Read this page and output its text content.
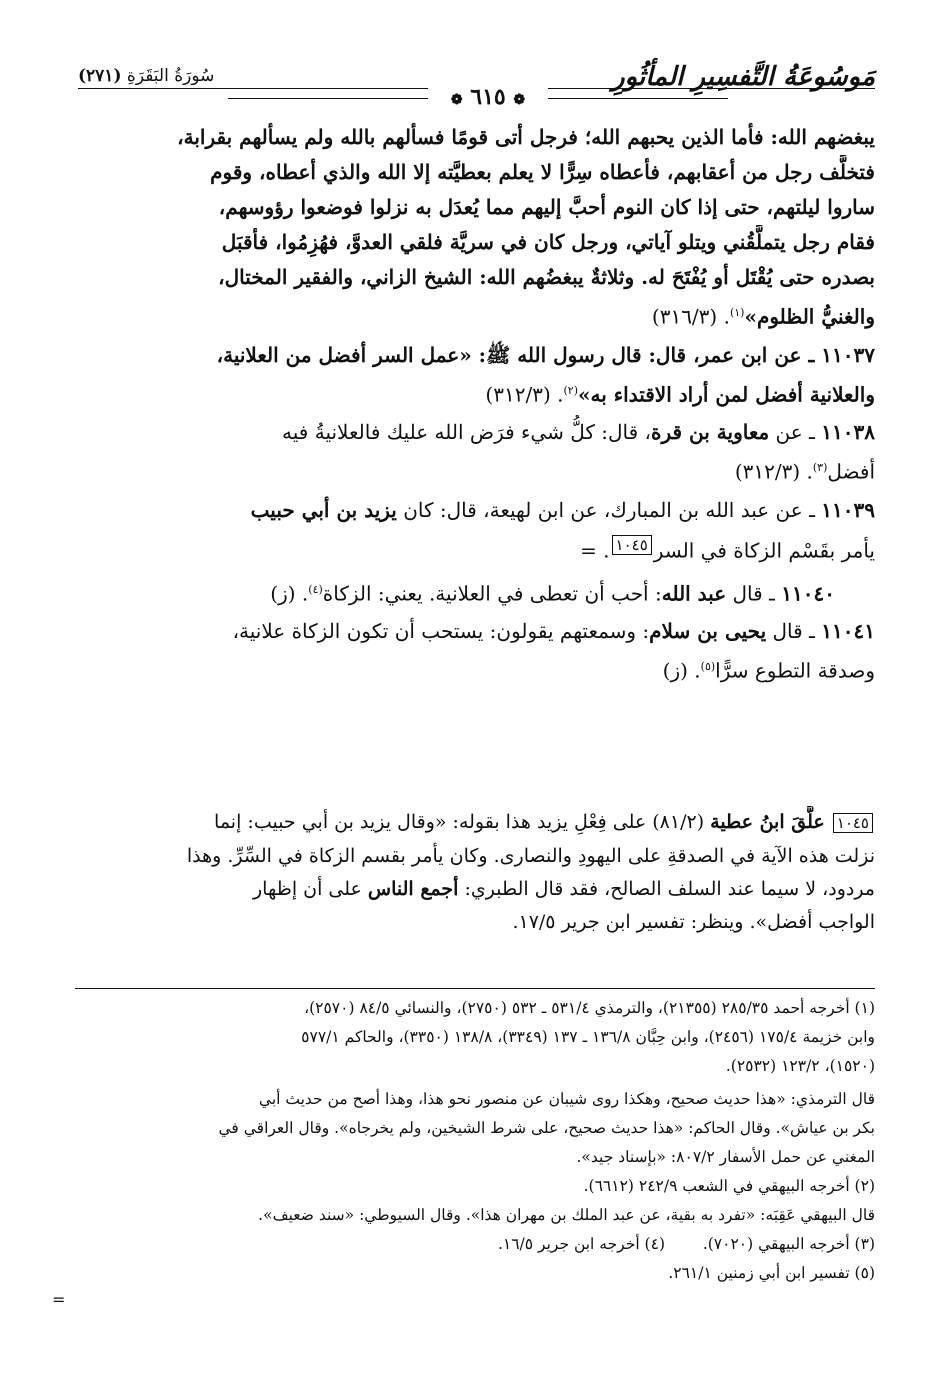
مَوسُوعَةُ التَّفسِيرِ المأثُورِ
❁ ٦١٥ ❁
سُورَةُ البَقَرَةِ (٢٧١)
يبغضهم الله: فأما الذين يحبهم الله؛ فرجل أتى قومًا فسألهم بالله ولم يسألهم بقرابة،
فتخلَّف رجل من أعقابهم، فأعطاه سِرًّا لا يعلم بعطيَّته إلا الله والذي أعطاه، وقوم
ساروا ليلتهم، حتى إذا كان النوم أحبَّ إليهم مما يُعدَل به نزلوا فوضعوا رؤوسهم،
فقام رجل يتملَّقُني ويتلو آياتي، ورجل كان في سريَّة فلقي العدوَّ، فهُزِمُوا، فأقبَل
بصدره حتى يُقْتَل أو يُفْتَحَ له. وثلاثةٌ يبغضُهم الله: الشيخ الزاني، والفقير المختال،
والغنيُّ الظلوم»$^{(١)}$. (٣١٦/٣)
١١٠٣٧ ـ عن ابن عمر، قال: قال رسول الله ﷺ: «عمل السر أفضل من العلانية،
والعلانية أفضل لمن أراد الاقتداء به»$^{(٢)}$. (٣١٢/٣)
١١٠٣٨ ـ عن معاوية بن قرة، قال: كلُّ شيء فرَض الله عليك فالعلانيةُ فيه
أفضل$^{(٣)}$. (٣١٢/٣)
١١٠٣٩ ـ عن عبد الله بن المبارك، عن ابن لهيعة، قال: كان يزيد بن أبي حبيب
يأمر بقَسْم الزكاة في السر$^{١٠٤٥}$. =
١١٠٤٠ ـ قال عبد الله: أحب أن تعطى في العلانية. يعني: الزكاة$^{(٤)}$. (ز)
١١٠٤١ ـ قال يحيى بن سلام: وسمعتهم يقولون: يستحب أن تكون الزكاة علانية،
وصدقة التطوع سرًّا$^{(٥)}$. (ز)
١٠٤٥ علَّقَ ابنُ عطية (٨١/٢) على فِعْلِ يزيد هذا بقوله: «وقال يزيد بن أبي حبيب: إنما
نزلت هذه الآية في الصدقةِ على اليهودِ والنصارى. وكان يأمر بقسم الزكاة في السِّرِّ. وهذا
مردود، لا سيما عند السلف الصالح، فقد قال الطبري: أجمع الناس على أن إظهار
الواجب أفضل». وينظر: تفسير ابن جرير ١٧/٥.
(١) أخرجه أحمد ٢٨٥/٣٥ (٢١٣٥٥)، والترمذي ٥٣١/٤ ـ ٥٣٢ (٢٧٥٠)، والنسائي ٨٤/٥ (٢٥٧٠)،
وابن خزيمة ١٧٥/٤ (٢٤٥٦)، وابن حِبَّان ١٣٦/٨ ـ ١٣٧ (٣٣٤٩)، ١٣٨/٨ (٣٣٥٠)، والحاكم ٥٧٧/١
(١٥٢٠)، ١٢٣/٢ (٢٥٣٢).
قال الترمذي: «هذا حديث صحيح، وهكذا روى شيبان عن منصور نحو هذا، وهذا أصح من حديث أبي
بكر بن عياش». وقال الحاكم: «هذا حديث صحيح، على شرط الشيخين، ولم يخرجاه». وقال العراقي في
المغني عن حمل الأسفار ٨٠٧/٢: «بإسناد جيد».
(٢) أخرجه البيهقي في الشعب ٢٤٢/٩ (٦٦١٢).
قال البيهقي عَقِبَه: «تفرد به بقية، عن عبد الملك بن مهران هذا». وقال السيوطي: «سند ضعيف».
(٣) أخرجه البيهقي (٧٠٢٠).
(٤) أخرجه ابن جرير ١٦/٥.
(٥) تفسير ابن أبي زمنين ٢٦١/١.
=
